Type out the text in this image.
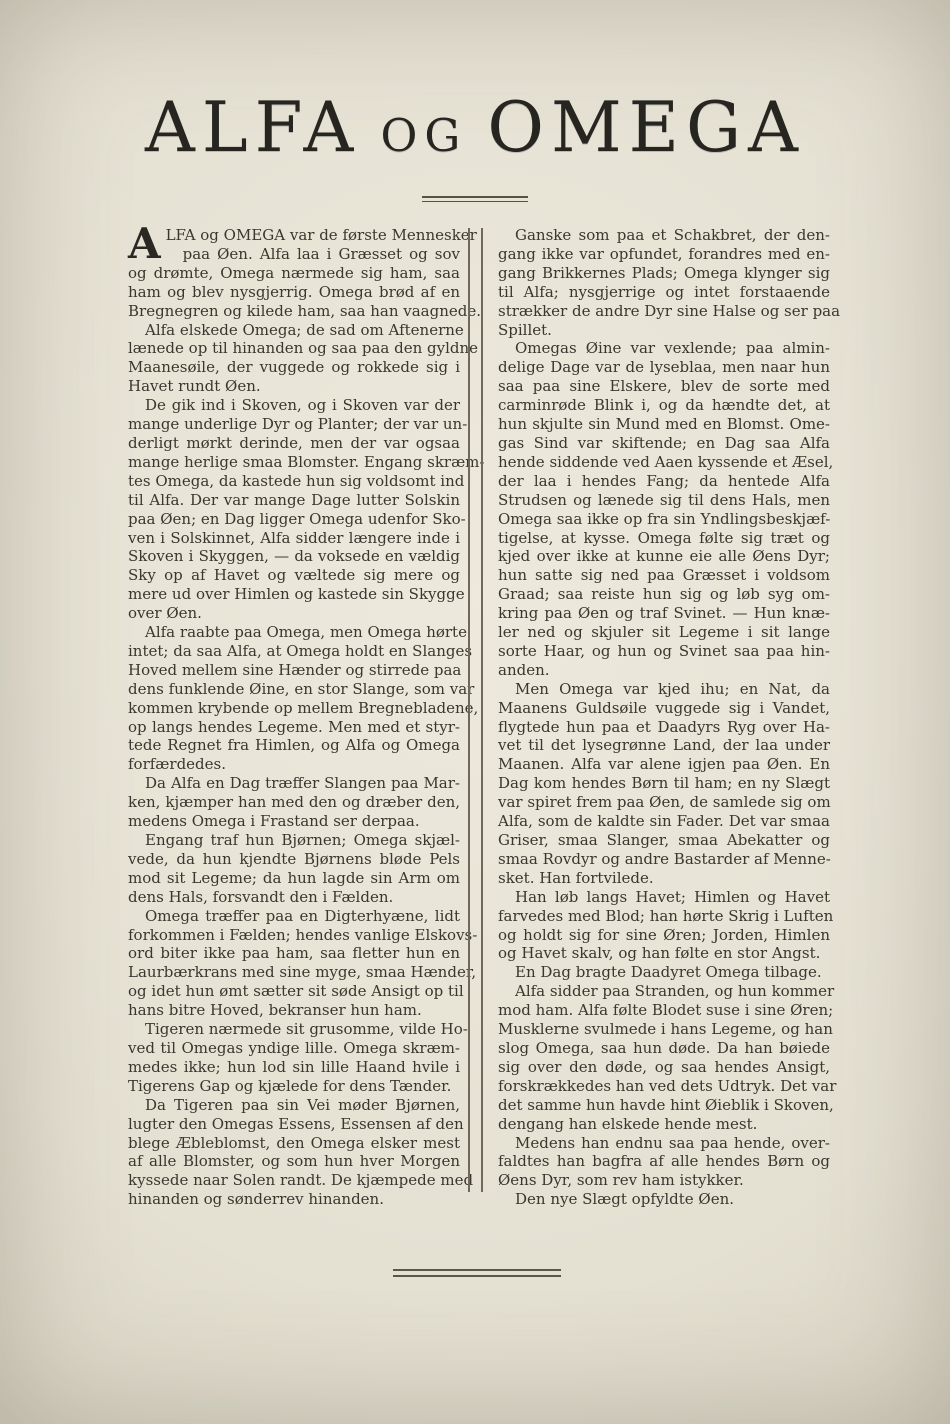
ALFA OG OMEGA
A LFA og OMEGA var de første Mennesker
paa Øen. Alfa laa i Græsset og sov
og drømte, Omega nærmede sig ham, saa
ham og blev nysgjerrig. Omega brød af en
Bregnegren og kilede ham, saa han vaagnede.
Alfa elskede Omega; de sad om Aftenerne
lænede op til hinanden og saa paa den gyldne
Maanesøile, der vuggede og rokkede sig i
Havet rundt Øen.
De gik ind i Skoven, og i Skoven var der
mange underlige Dyr og Planter; der var un-
derligt mørkt derinde, men der var ogsaa
mange herlige smaa Blomster. Engang skræm-
tes Omega, da kastede hun sig voldsomt ind
til Alfa. Der var mange Dage lutter Solskin
paa Øen; en Dag ligger Omega udenfor Sko-
ven i Solskinnet, Alfa sidder længere inde i
Skoven i Skyggen, — da voksede en vældig
Sky op af Havet og væltede sig mere og
mere ud over Himlen og kastede sin Skygge
over Øen.
Alfa raabte paa Omega, men Omega hørte
intet; da saa Alfa, at Omega holdt en Slanges
Hoved mellem sine Hænder og stirrede paa
dens funklende Øine, en stor Slange, som var
kommen krybende op mellem Bregnebladene,
op langs hendes Legeme. Men med et styr-
tede Regnet fra Himlen, og Alfa og Omega
forfærdedes.
Da Alfa en Dag træffer Slangen paa Mar-
ken, kjæmper han med den og dræber den,
medens Omega i Frastand ser derpaa.
Engang traf hun Bjørnen; Omega skjæl-
vede, da hun kjendte Bjørnens bløde Pels
mod sit Legeme; da hun lagde sin Arm om
dens Hals, forsvandt den i Fælden.
Omega træffer paa en Digterhyæne, lidt
forkommen i Fælden; hendes vanlige Elskovs-
ord biter ikke paa ham, saa fletter hun en
Laurbærkrans med sine myge, smaa Hænder,
og idet hun ømt sætter sit søde Ansigt op til
hans bitre Hoved, bekranser hun ham.
Tigeren nærmede sit grusomme, vilde Ho-
ved til Omegas yndige lille. Omega skræm-
medes ikke; hun lod sin lille Haand hvile i
Tigerens Gap og kjælede for dens Tænder.
Da Tigeren paa sin Vei møder Bjørnen,
lugter den Omegas Essens, Essensen af den
blege Æbleblomst, den Omega elsker mest
af alle Blomster, og som hun hver Morgen
kyssede naar Solen randt. De kjæmpede med
hinanden og sønderrev hinanden.
Ganske som paa et Schakbret, der den-
gang ikke var opfundet, forandres med en-
gang Brikkernes Plads; Omega klynger sig
til Alfa; nysgjerrige og intet forstaaende
strækker de andre Dyr sine Halse og ser paa
Spillet.
Omegas Øine var vexlende; paa almin-
delige Dage var de lyseblaa, men naar hun
saa paa sine Elskere, blev de sorte med
carminrøde Blink i, og da hændte det, at
hun skjulte sin Mund med en Blomst. Ome-
gas Sind var skiftende; en Dag saa Alfa
hende siddende ved Aaen kyssende et Æsel,
der laa i hendes Fang; da hentede Alfa
Strudsen og lænede sig til dens Hals, men
Omega saa ikke op fra sin Yndlingsbeskjæf-
tigelse, at kysse. Omega følte sig træt og
kjed over ikke at kunne eie alle Øens Dyr;
hun satte sig ned paa Græsset i voldsom
Graad; saa reiste hun sig og løb syg om-
kring paa Øen og traf Svinet. — Hun knæ-
ler ned og skjuler sit Legeme i sit lange
sorte Haar, og hun og Svinet saa paa hin-
anden.
Men Omega var kjed ihu; en Nat, da
Maanens Guldsøile vuggede sig i Vandet,
flygtede hun paa et Daadyrs Ryg over Ha-
vet til det lysegrønne Land, der laa under
Maanen. Alfa var alene igjen paa Øen. En
Dag kom hendes Børn til ham; en ny Slægt
var spiret frem paa Øen, de samlede sig om
Alfa, som de kaldte sin Fader. Det var smaa
Griser, smaa Slanger, smaa Abekatter og
smaa Rovdyr og andre Bastarder af Menne-
sket. Han fortvilede.
Han løb langs Havet; Himlen og Havet
farvedes med Blod; han hørte Skrig i Luften
og holdt sig for sine Øren; Jorden, Himlen
og Havet skalv, og han følte en stor Angst.
En Dag bragte Daadyret Omega tilbage.
Alfa sidder paa Stranden, og hun kommer
mod ham. Alfa følte Blodet suse i sine Øren;
Musklerne svulmede i hans Legeme, og han
slog Omega, saa hun døde. Da han bøiede
sig over den døde, og saa hendes Ansigt,
forskrækkedes han ved dets Udtryk. Det var
det samme hun havde hint Øieblik i Skoven,
dengang han elskede hende mest.
Medens han endnu saa paa hende, over-
faldtes han bagfra af alle hendes Børn og
Øens Dyr, som rev ham istykker.
Den nye Slægt opfyldte Øen.
